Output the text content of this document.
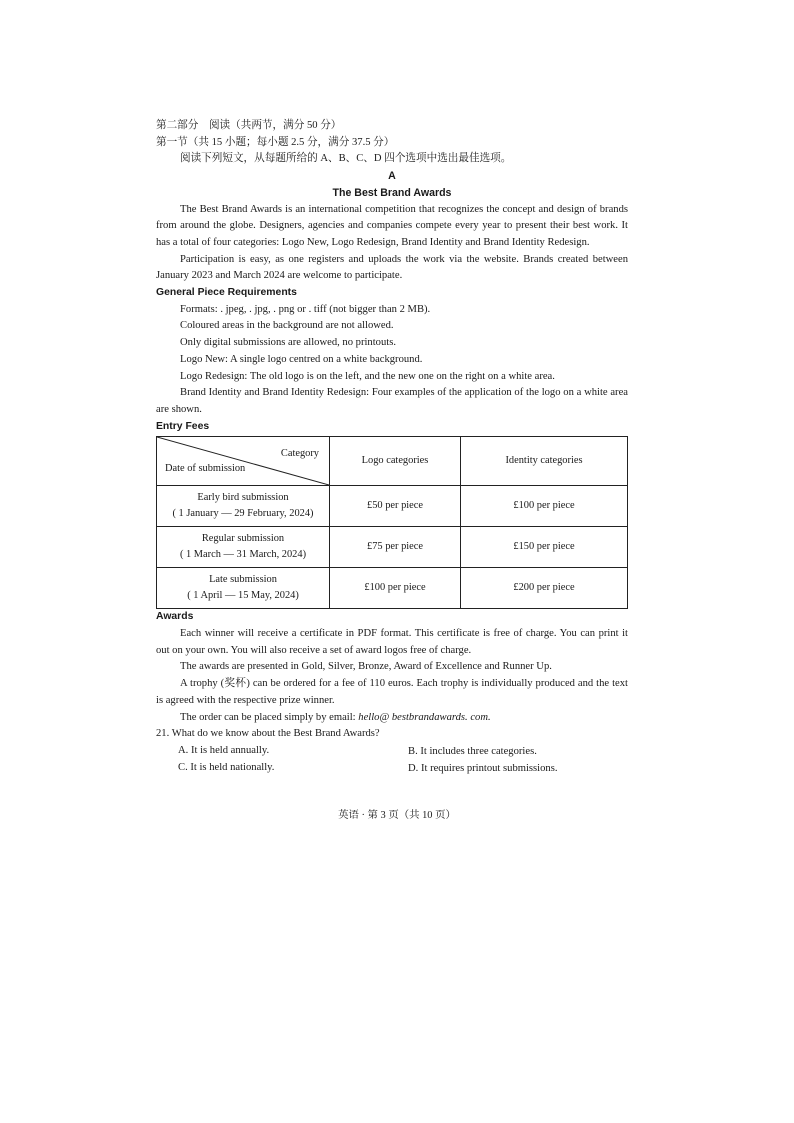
第二部分　阅读（共两节，满分 50 分）

第一节（共 15 小题；每小题 2.5 分，满分 37.5 分）

阅读下列短文，从每题所给的 A、B、C、D 四个选项中选出最佳选项。

A

The Best Brand Awards

The Best Brand Awards is an international competition that recognizes the concept and design of brands from around the globe. Designers, agencies and companies compete every year to present their best work. It has a total of four categories: Logo New, Logo Redesign, Brand Identity and Brand Identity Redesign.

Participation is easy, as one registers and uploads the work via the website. Brands created between January 2023 and March 2024 are welcome to participate.

General Piece Requirements

Formats: . jpeg, . jpg, . png or . tiff (not bigger than 2 MB).

Coloured areas in the background are not allowed.

Only digital submissions are allowed, no printouts.

Logo New: A single logo centred on a white background.

Logo Redesign: The old logo is on the left, and the new one on the right on a white area.

Brand Identity and Brand Identity Redesign: Four examples of the application of the logo on a white area are shown.

Entry Fees

Category
Date of submission	Logo categories	Identity categories

Early bird submission
( 1 January — 29 February, 2024)	£50 per piece	£100 per piece

Regular submission
( 1 March — 31 March, 2024)	£75 per piece	£150 per piece

Late submission
( 1 April — 15 May, 2024)	£100 per piece	£200 per piece

Awards

Each winner will receive a certificate in PDF format. This certificate is free of charge. You can print it out on your own. You will also receive a set of award logos free of charge.

The awards are presented in Gold, Silver, Bronze, Award of Excellence and Runner Up.

A trophy (奖杯) can be ordered for a fee of 110 euros. Each trophy is individually produced and the text is agreed with the respective prize winner.

The order can be placed simply by email: hello@ bestbrandawards. com.

21. What do we know about the Best Brand Awards?

A. It is held annually.	B. It includes three categories.
C. It is held nationally.	D. It requires printout submissions.
英语 · 第 3 页（共 10 页）
